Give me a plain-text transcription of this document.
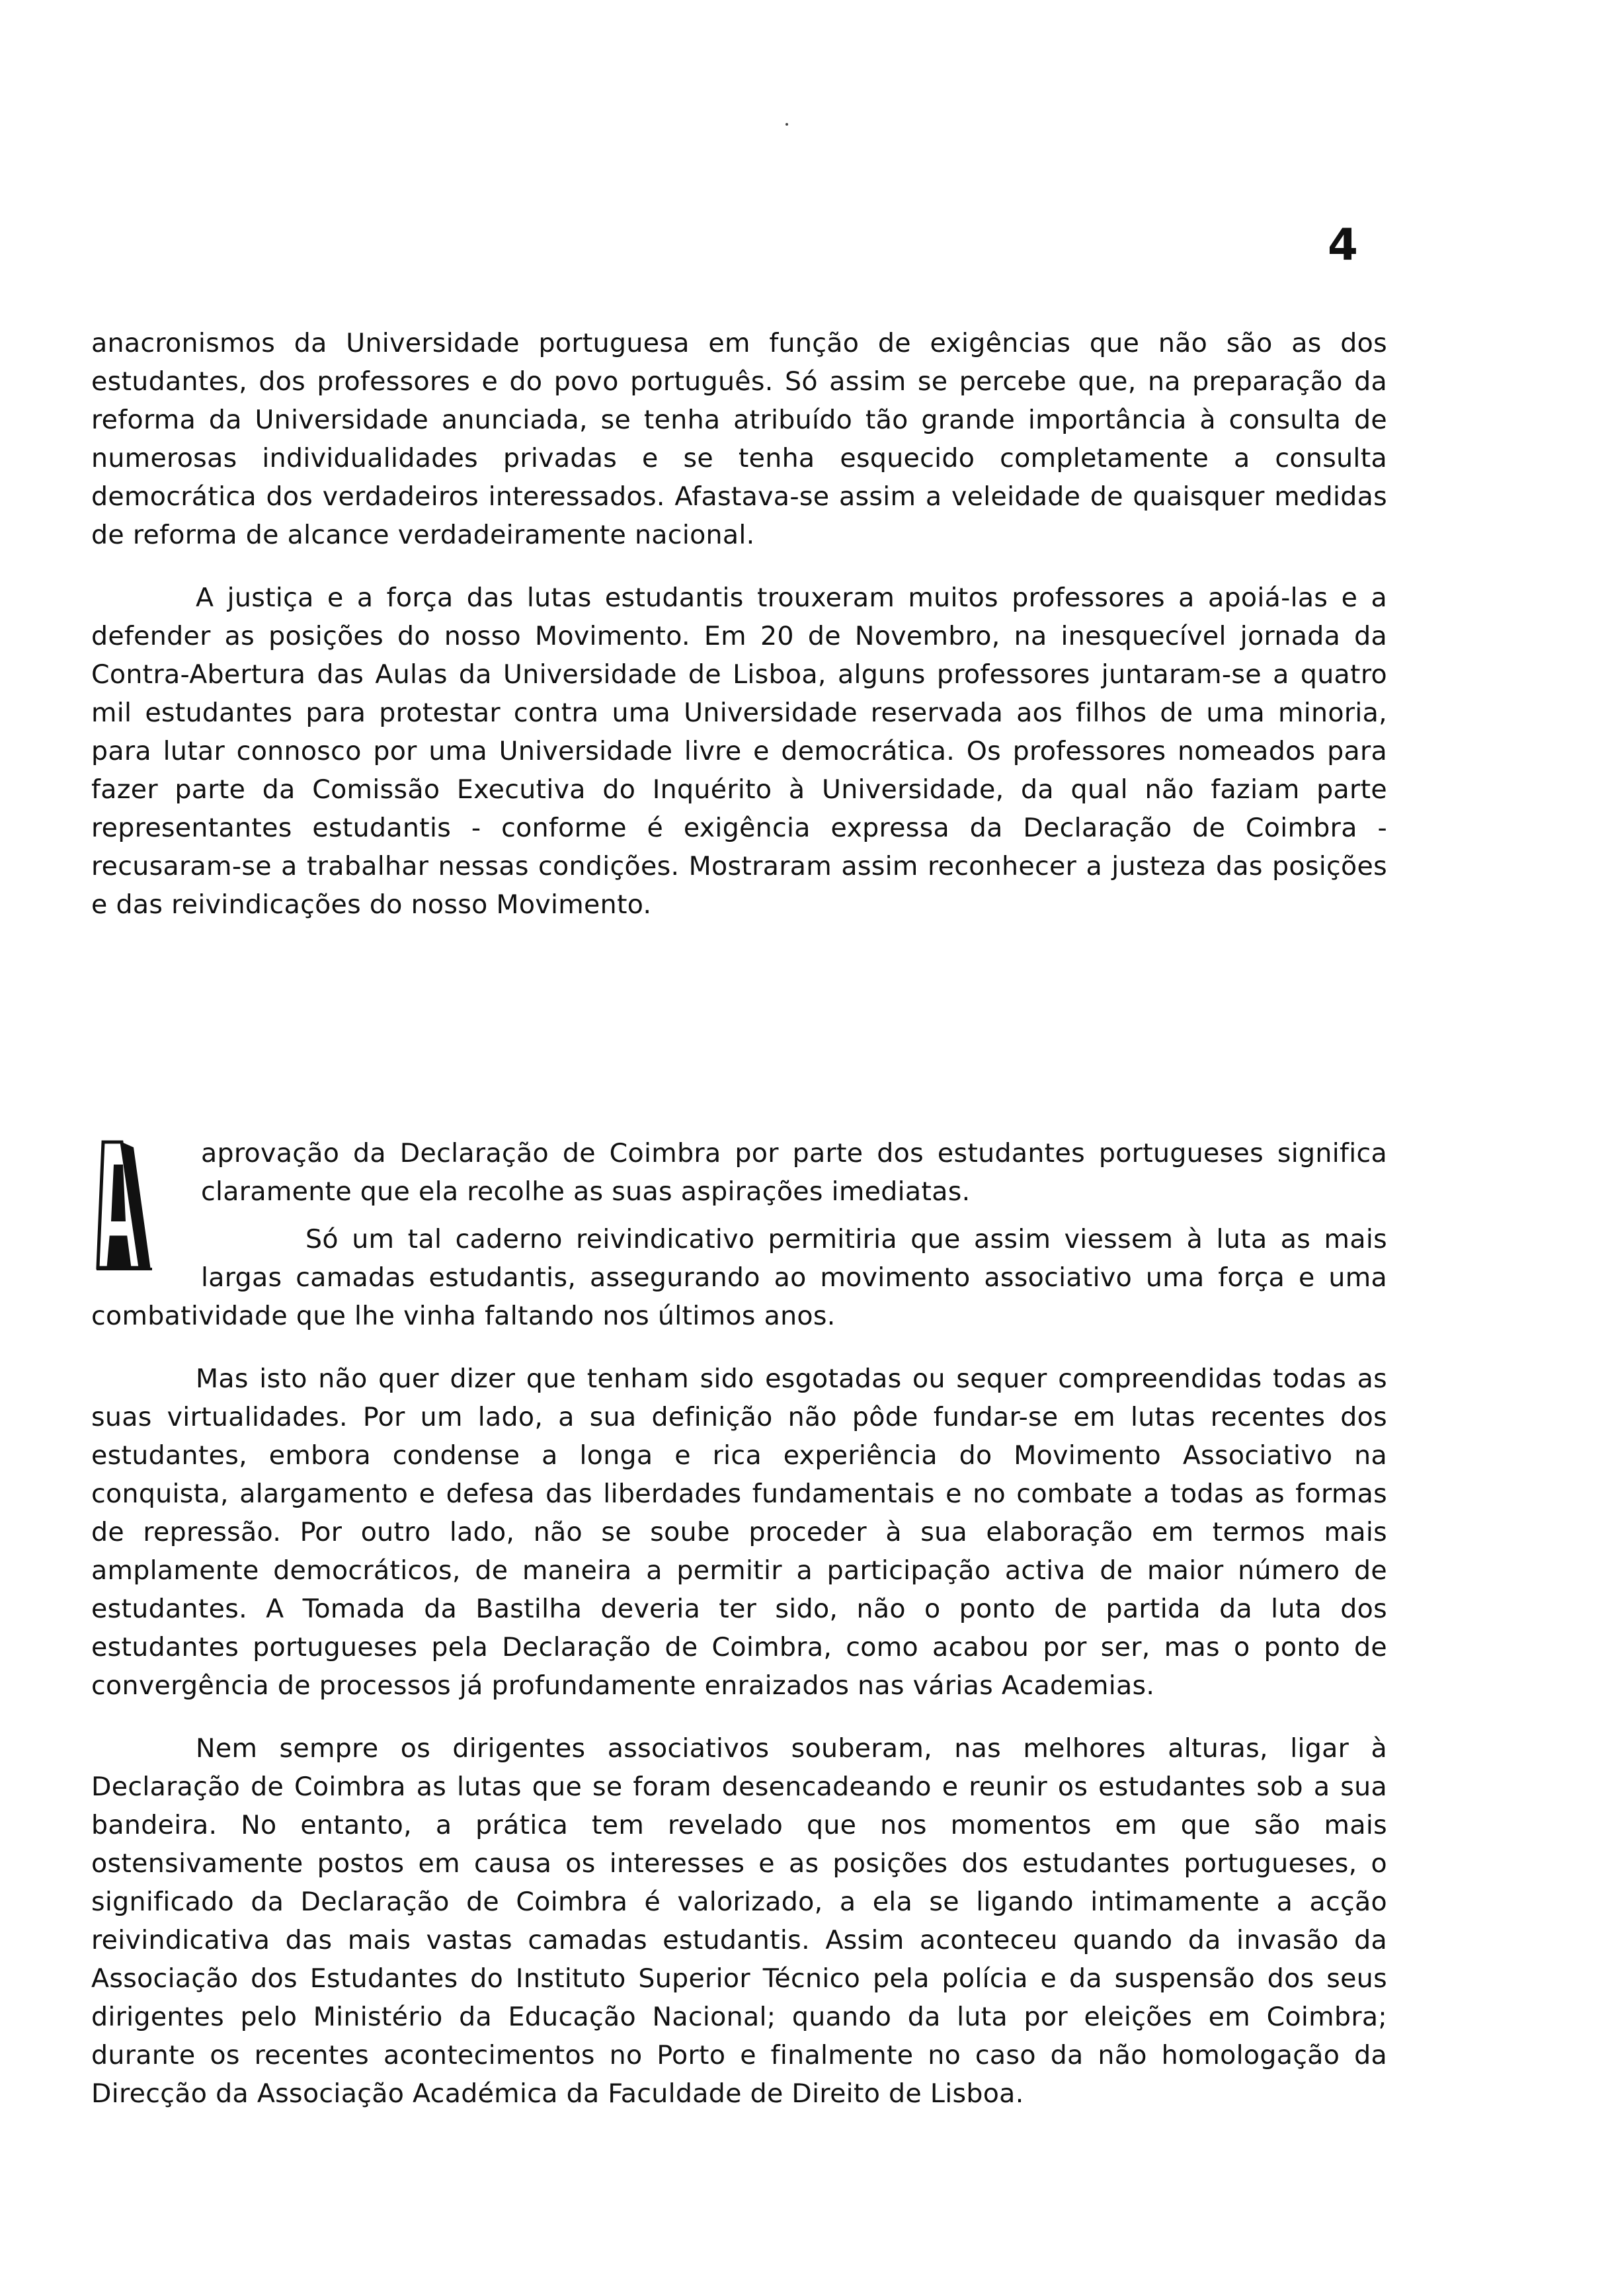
4

anacronismos da Universidade portuguesa em função de exigências que não são as dos estudantes, dos professores e do povo português. Só assim se percebe que, na preparação da reforma da Universidade anunciada, se tenha atribuído tão grande importância à consulta de numerosas individualidades privadas e se tenha esquecido completamente a consulta democrática dos verdadeiros interessados. Afastava-se assim a veleidade de quaisquer medidas de reforma de alcance verdadeiramente nacional.

A justiça e a força das lutas estudantis trouxeram muitos professores a apoiá-las e a defender as posições do nosso Movimento. Em 20 de Novembro, na inesquecível jornada da Contra-Abertura das Aulas da Universidade de Lisboa, alguns professores juntaram-se a quatro mil estudantes para protestar contra uma Universidade reservada aos filhos de uma minoria, para lutar connosco por uma Universidade livre e democrática. Os professores nomeados para fazer parte da Comissão Executiva do Inquérito à Universidade, da qual não faziam parte representantes estudantis - conforme é exigência expressa da Declaração de Coimbra - recusaram-se a trabalhar nessas condições. Mostraram assim reconhecer a justeza das posições e das reivindicações do nosso Movimento.

aprovação da Declaração de Coimbra por parte dos estudantes portugueses significa claramente que ela recolhe as suas aspirações imediatas.

Só um tal caderno reivindicativo permitiria que assim viessem à luta as mais largas camadas estudantis, assegurando ao movimento associativo uma força e uma combatividade que lhe vinha faltando nos últimos anos.

Mas isto não quer dizer que tenham sido esgotadas ou sequer compreendidas todas as suas virtualidades. Por um lado, a sua definição não pôde fundar-se em lutas recentes dos estudantes, embora condense a longa e rica experiência do Movimento Associativo na conquista, alargamento e defesa das liberdades fundamentais e no combate a todas as formas de repressão. Por outro lado, não se soube proceder à sua elaboração em termos mais amplamente democráticos, de maneira a permitir a participação activa de maior número de estudantes. A Tomada da Bastilha deveria ter sido, não o ponto de partida da luta dos estudantes portugueses pela Declaração de Coimbra, como acabou por ser, mas o ponto de convergência de processos já profundamente enraizados nas várias Academias.

Nem sempre os dirigentes associativos souberam, nas melhores alturas, ligar à Declaração de Coimbra as lutas que se foram desencadeando e reunir os estudantes sob a sua bandeira. No entanto, a prática tem revelado que nos momentos em que são mais ostensivamente postos em causa os interesses e as posições dos estudantes portugueses, o significado da Declaração de Coimbra é valorizado, a ela se ligando intimamente a acção reivindicativa das mais vastas camadas estudantis. Assim aconteceu quando da invasão da Associação dos Estudantes do Instituto Superior Técnico pela polícia e da suspensão dos seus dirigentes pelo Ministério da Educação Nacional; quando da luta por eleições em Coimbra; durante os recentes acontecimentos no Porto e finalmente no caso da não homologação da Direcção da Associação Académica da Faculdade de Direito de Lisboa.
